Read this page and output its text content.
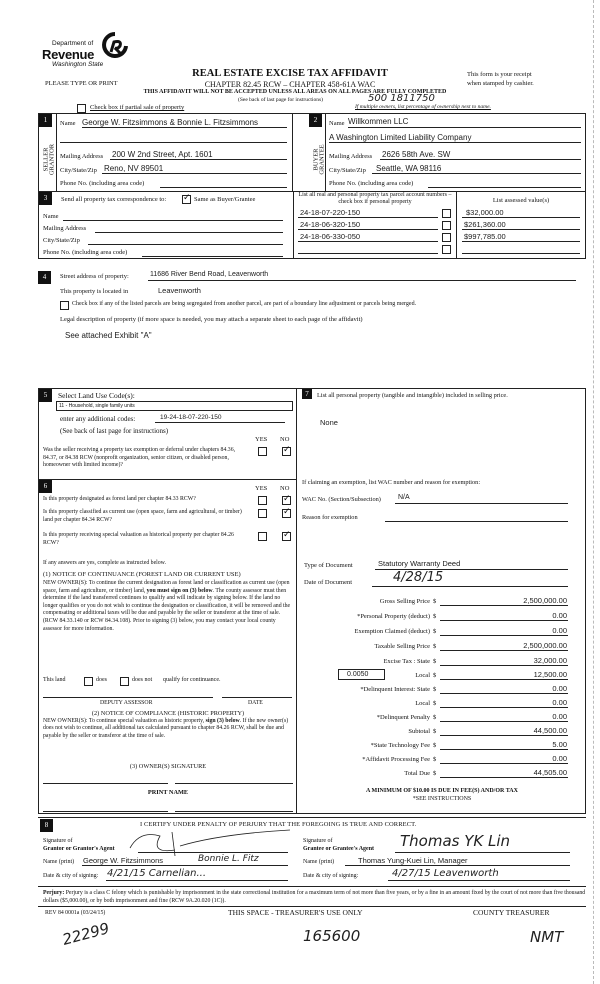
Department of
Revenue
Washington State
PLEASE TYPE OR PRINT
REAL ESTATE EXCISE TAX AFFIDAVIT
CHAPTER 82.45 RCW – CHAPTER 458-61A WAC
THIS AFFIDAVIT WILL NOT BE ACCEPTED UNLESS ALL AREAS ON ALL PAGES ARE FULLY COMPLETED
(See back of last page for instructions)
This form is your receipt
when stamped by cashier.
500 1811750
Check box if partial sale of property	If multiple owners, list percentage of ownership next to name.
1
SELLER GRANTOR
Name George W. Fitzsimmons & Bonnie L. Fitzsimmons
Mailing Address 200 W 2nd Street, Apt. 1601
City/State/Zip Reno, NV 89501
Phone No. (including area code)
2
BUYER GRANTEE
Name Willkommen LLC
A Washington Limited Liability Company
Mailing Address 2626 58th Ave. SW
City/State/Zip Seattle, WA 98116
Phone No. (including area code)
3	Send all property tax correspondence to: ✓	Same as Buyer/Grantee
Name
Mailing Address
City/State/Zip
Phone No. (including area code)
List all real and personal property tax parcel account numbers – check box if personal property	List assessed value(s)
24-18-07-220-150	$32,000.00
24-18-06-320-150	$261,360.00
24-18-06-330-050	$997,785.00
4	Street address of property:	11686 River Bend Road, Leavenworth
This property is located in	Leavenworth
Check box if any of the listed parcels are being segregated from another parcel, are part of a boundary line adjustment or parcels being merged.
Legal description of property (if more space is needed, you may attach a separate sheet to each page of the affidavit)
See attached Exhibit "A"
5	Select Land Use Code(s):
11 - Household, single family units
enter any additional codes:	19-24-18-07-220-150
(See back of last page for instructions)
YES NO
Was the seller receiving a property tax exemption or deferral under chapters 84.36, 84.37, or 84.38 RCW (nonprofit organization, senior citizen, or disabled person, homeowner with limited income)?
✓
6	YES NO
Is this property designated as forest land per chapter 84.33 RCW?
✓
Is this property classified as current use (open space, farm and agricultural, or timber) land per chapter 84.34 RCW?
✓
Is this property receiving special valuation as historical property per chapter 84.26 RCW?
✓
If any answers are yes, complete as instructed below.
(1) NOTICE OF CONTINUANCE (FOREST LAND OR CURRENT USE)
NEW OWNER(S): To continue the current designation as forest land or classification as current use (open space, farm and agriculture, or timber) land, you must sign on (3) below. The county assessor must then determine if the land transferred continues to qualify and will indicate by signing below. If the land no longer qualifies or you do not wish to continue the designation or classification, it will be removed and the compensating or additional taxes will be due and payable by the seller or transferor at the time of sale. (RCW 84.33.140 or RCW 84.34.108). Prior to signing (3) below, you may contact your local county assessor for more information.
This land	does	does not qualify for continuance.
DEPUTY ASSESSOR	DATE
(2) NOTICE OF COMPLIANCE (HISTORIC PROPERTY)
NEW OWNER(S): To continue special valuation as historic property, sign (3) below. If the new owner(s) does not wish to continue, all additional tax calculated pursuant to chapter 84.26 RCW, shall be due and payable by the seller or transferor at the time of sale.
(3) OWNER(S) SIGNATURE
PRINT NAME
7	List all personal property (tangible and intangible) included in selling price.
None
If claiming an exemption, list WAC number and reason for exemption:
WAC No. (Section/Subsection) N/A
Reason for exemption
Type of Document	Statutory Warranty Deed
Date of Document	4/28/15
Gross Selling Price $	2,500,000.00
*Personal Property (deduct) $	0.00
Exemption Claimed (deduct) $	0.00
Taxable Selling Price $	2,500,000.00
Excise Tax : State $	32,000.00
0.0050	Local $	12,500.00
*Delinquent Interest: State $	0.00
Local $	0.00
*Delinquent Penalty $	0.00
Subtotal $	44,500.00
*State Technology Fee $	5.00
*Affidavit Processing Fee $	0.00
Total Due $	44,505.00
A MINIMUM OF $10.00 IS DUE IN FEE(S) AND/OR TAX
*SEE INSTRUCTIONS
8	I CERTIFY UNDER PENALTY OF PERJURY THAT THE FOREGOING IS TRUE AND CORRECT.
Signature of
Grantor or Grantor's Agent
Name (print) George W. Fitzsimmons	Bonnie L. Fitz
Date & city of signing: 4/21/15 Carnelian...
Signature of
Grantee or Grantee's Agent Thomas YK Lin
Name (print)	Thomas Yung-Kuei Lin, Manager
Date & city of signing:	4/27/15 Leavenworth
Perjury: Perjury is a class C felony which is punishable by imprisonment in the state correctional institution for a maximum term of not more than five years, or by a fine in an amount fixed by the court of not more than five thousand dollars ($5,000.00), or by both imprisonment and fine (RCW 9A.20.020 (1C)).
REV 84 0001a (03/24/15)	THIS SPACE - TREASURER'S USE ONLY	COUNTY TREASURER
22299	165600	NMT
